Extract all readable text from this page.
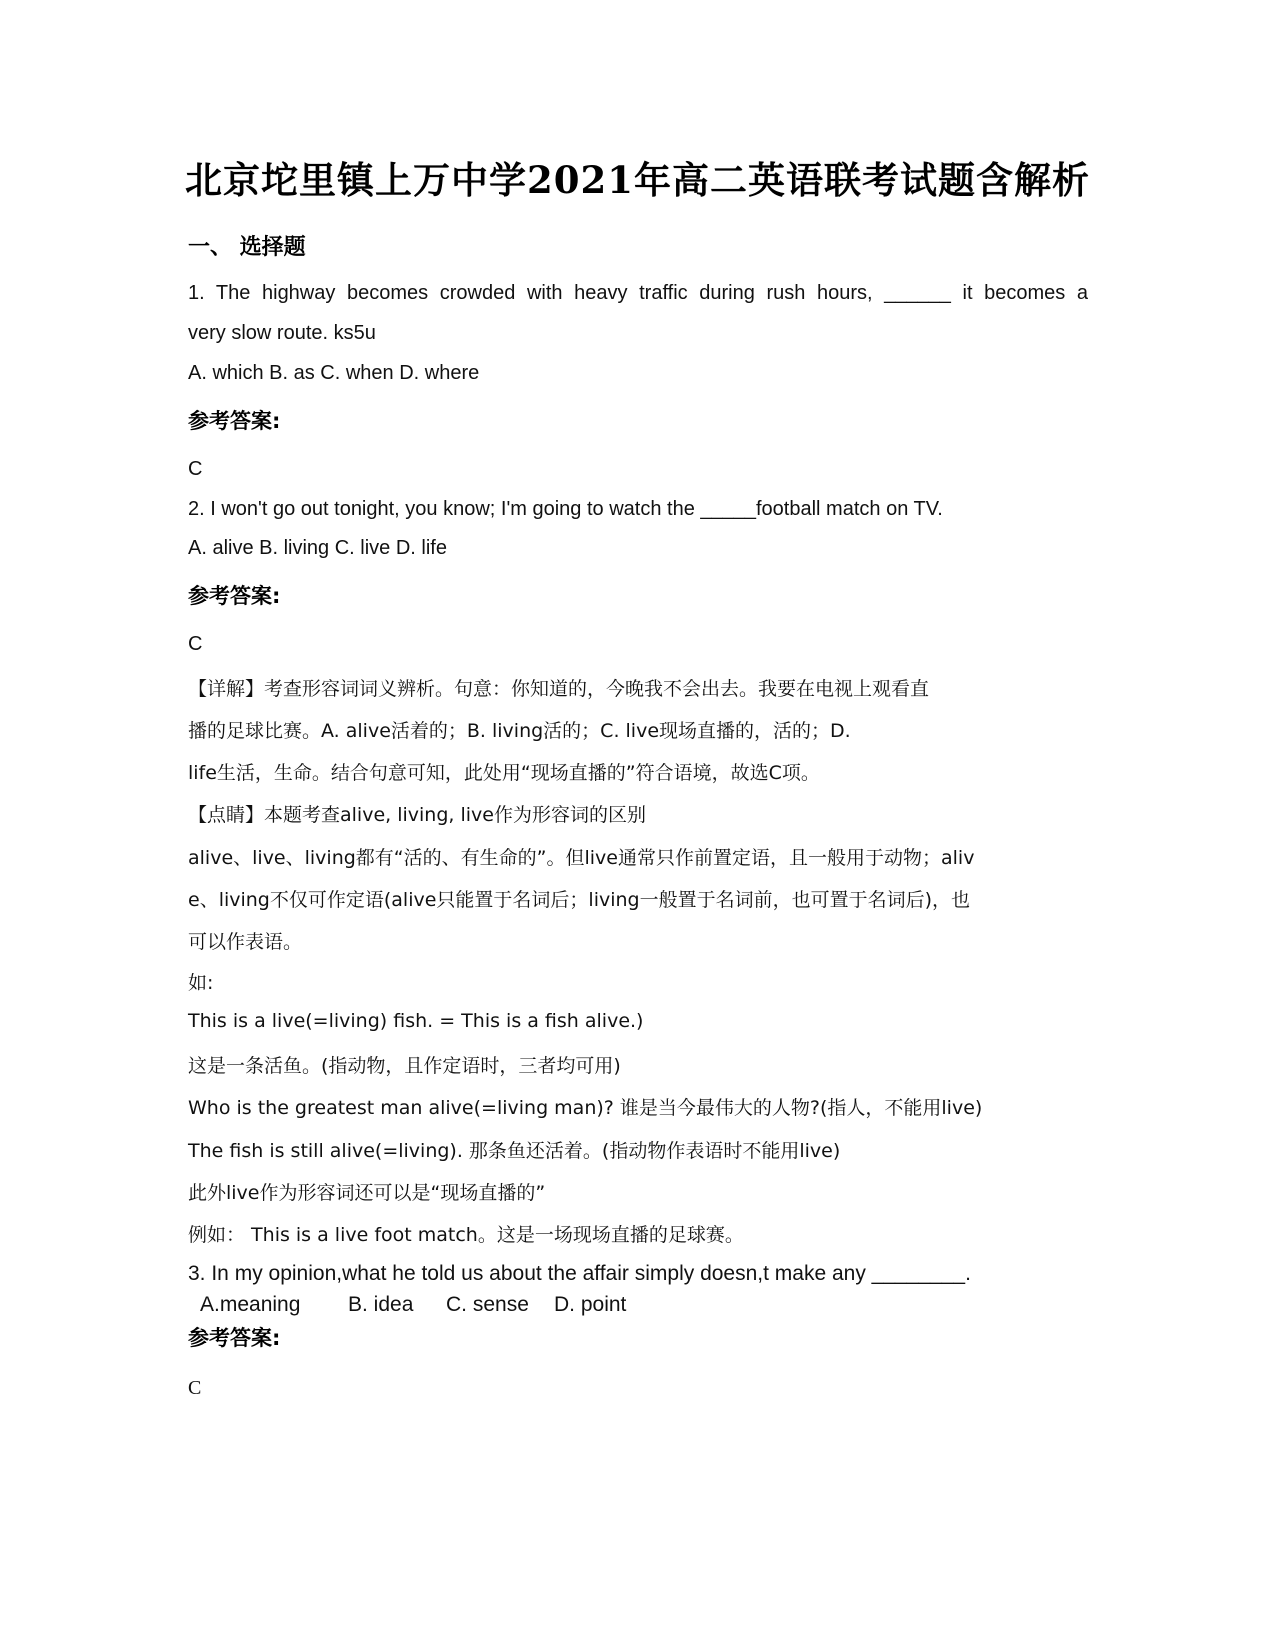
北京坨里镇上万中学2021年高二英语联考试题含解析
一、 选择题
1. The highway becomes crowded with heavy traffic during rush hours, ______ it becomes a
very slow route. ks5u
A. which B. as C. when D. where
参考答案:
C
2. I won't go out tonight, you know; I'm going to watch the _____football match on TV.
A. alive B. living C. live D. life
参考答案:
C
【详解】考查形容词词义辨析。句意：你知道的，今晚我不会出去。我要在电视上观看直
播的足球比赛。A. alive活着的；B. living活的；C. live现场直播的，活的；D.
life生活，生命。结合句意可知，此处用“现场直播的”符合语境，故选C项。
【点睛】本题考查alive, living, live作为形容词的区别
alive、live、living都有“活的、有生命的”。但live通常只作前置定语，且一般用于动物；aliv
e、living不仅可作定语(alive只能置于名词后；living一般置于名词前，也可置于名词后)，也
可以作表语。
如:
This is a live(=living) fish. = This is a fish alive.)
这是一条活鱼。(指动物，且作定语时，三者均可用)
Who is the greatest man alive(=living man)? 谁是当今最伟大的人物?(指人，不能用live)
The fish is still alive(=living). 那条鱼还活着。(指动物作表语时不能用live)
此外live作为形容词还可以是“现场直播的”
例如： This is a live foot match。这是一场现场直播的足球赛。
3. In my opinion,what he told us about the affair simply doesn,t make any ________.
A.meaning B. idea C. sense D. point
参考答案:
C
